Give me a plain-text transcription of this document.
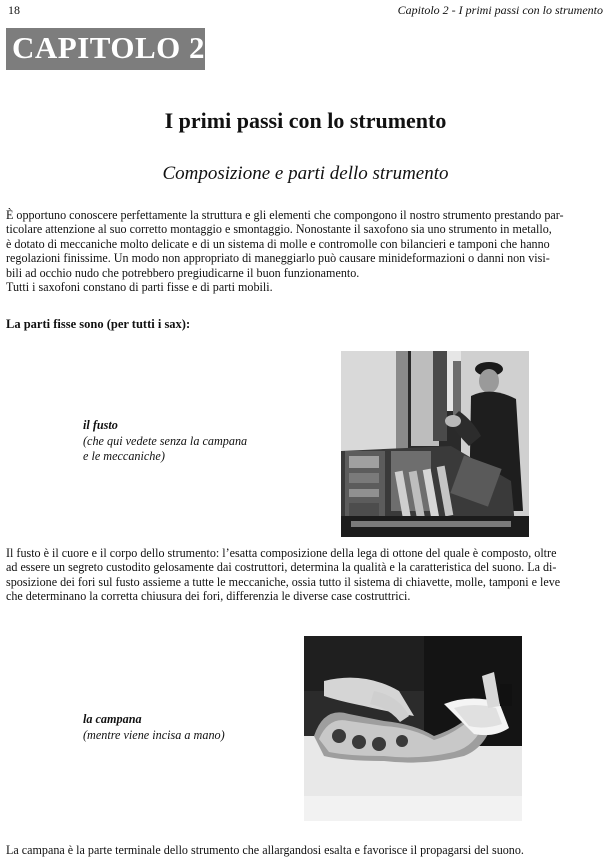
18	Capitolo 2 - I primi passi con lo strumento
CAPITOLO 2
I primi passi con lo strumento
Composizione e parti dello strumento
È opportuno conoscere perfettamente la struttura e gli elementi che compongono il nostro strumento prestando par-
ticolare attenzione al suo corretto montaggio e smontaggio. Nonostante il saxofono sia uno strumento in metallo,
è dotato di meccaniche molto delicate e di un sistema di molle e contromolle con bilancieri e tamponi che hanno
regolazioni finissime. Un modo non appropriato di maneggiarlo può causare minideformazioni o danni non visi-
bili ad occhio nudo che potrebbero pregiudicarne il buon funzionamento.
Tutti i saxofoni constano di parti fisse e di parti mobili.
La parti fisse sono (per tutti i sax):
il fusto
(che qui vedete senza la campana
e le meccaniche)
Il fusto è il cuore e il corpo dello strumento: l’esatta composizione della lega di ottone del quale è composto, oltre
ad essere un segreto custodito gelosamente dai costruttori, determina la qualità e la caratteristica del suono. La di-
sposizione dei fori sul fusto assieme a tutte le meccaniche, ossia tutto il sistema di chiavette, molle, tamponi e leve
che determinano la corretta chiusura dei fori, differenzia le diverse case costruttrici.
la campana
(mentre viene incisa a mano)

La campana è la parte terminale dello strumento che allargandosi esalta e favorisce il propagarsi del suono.
